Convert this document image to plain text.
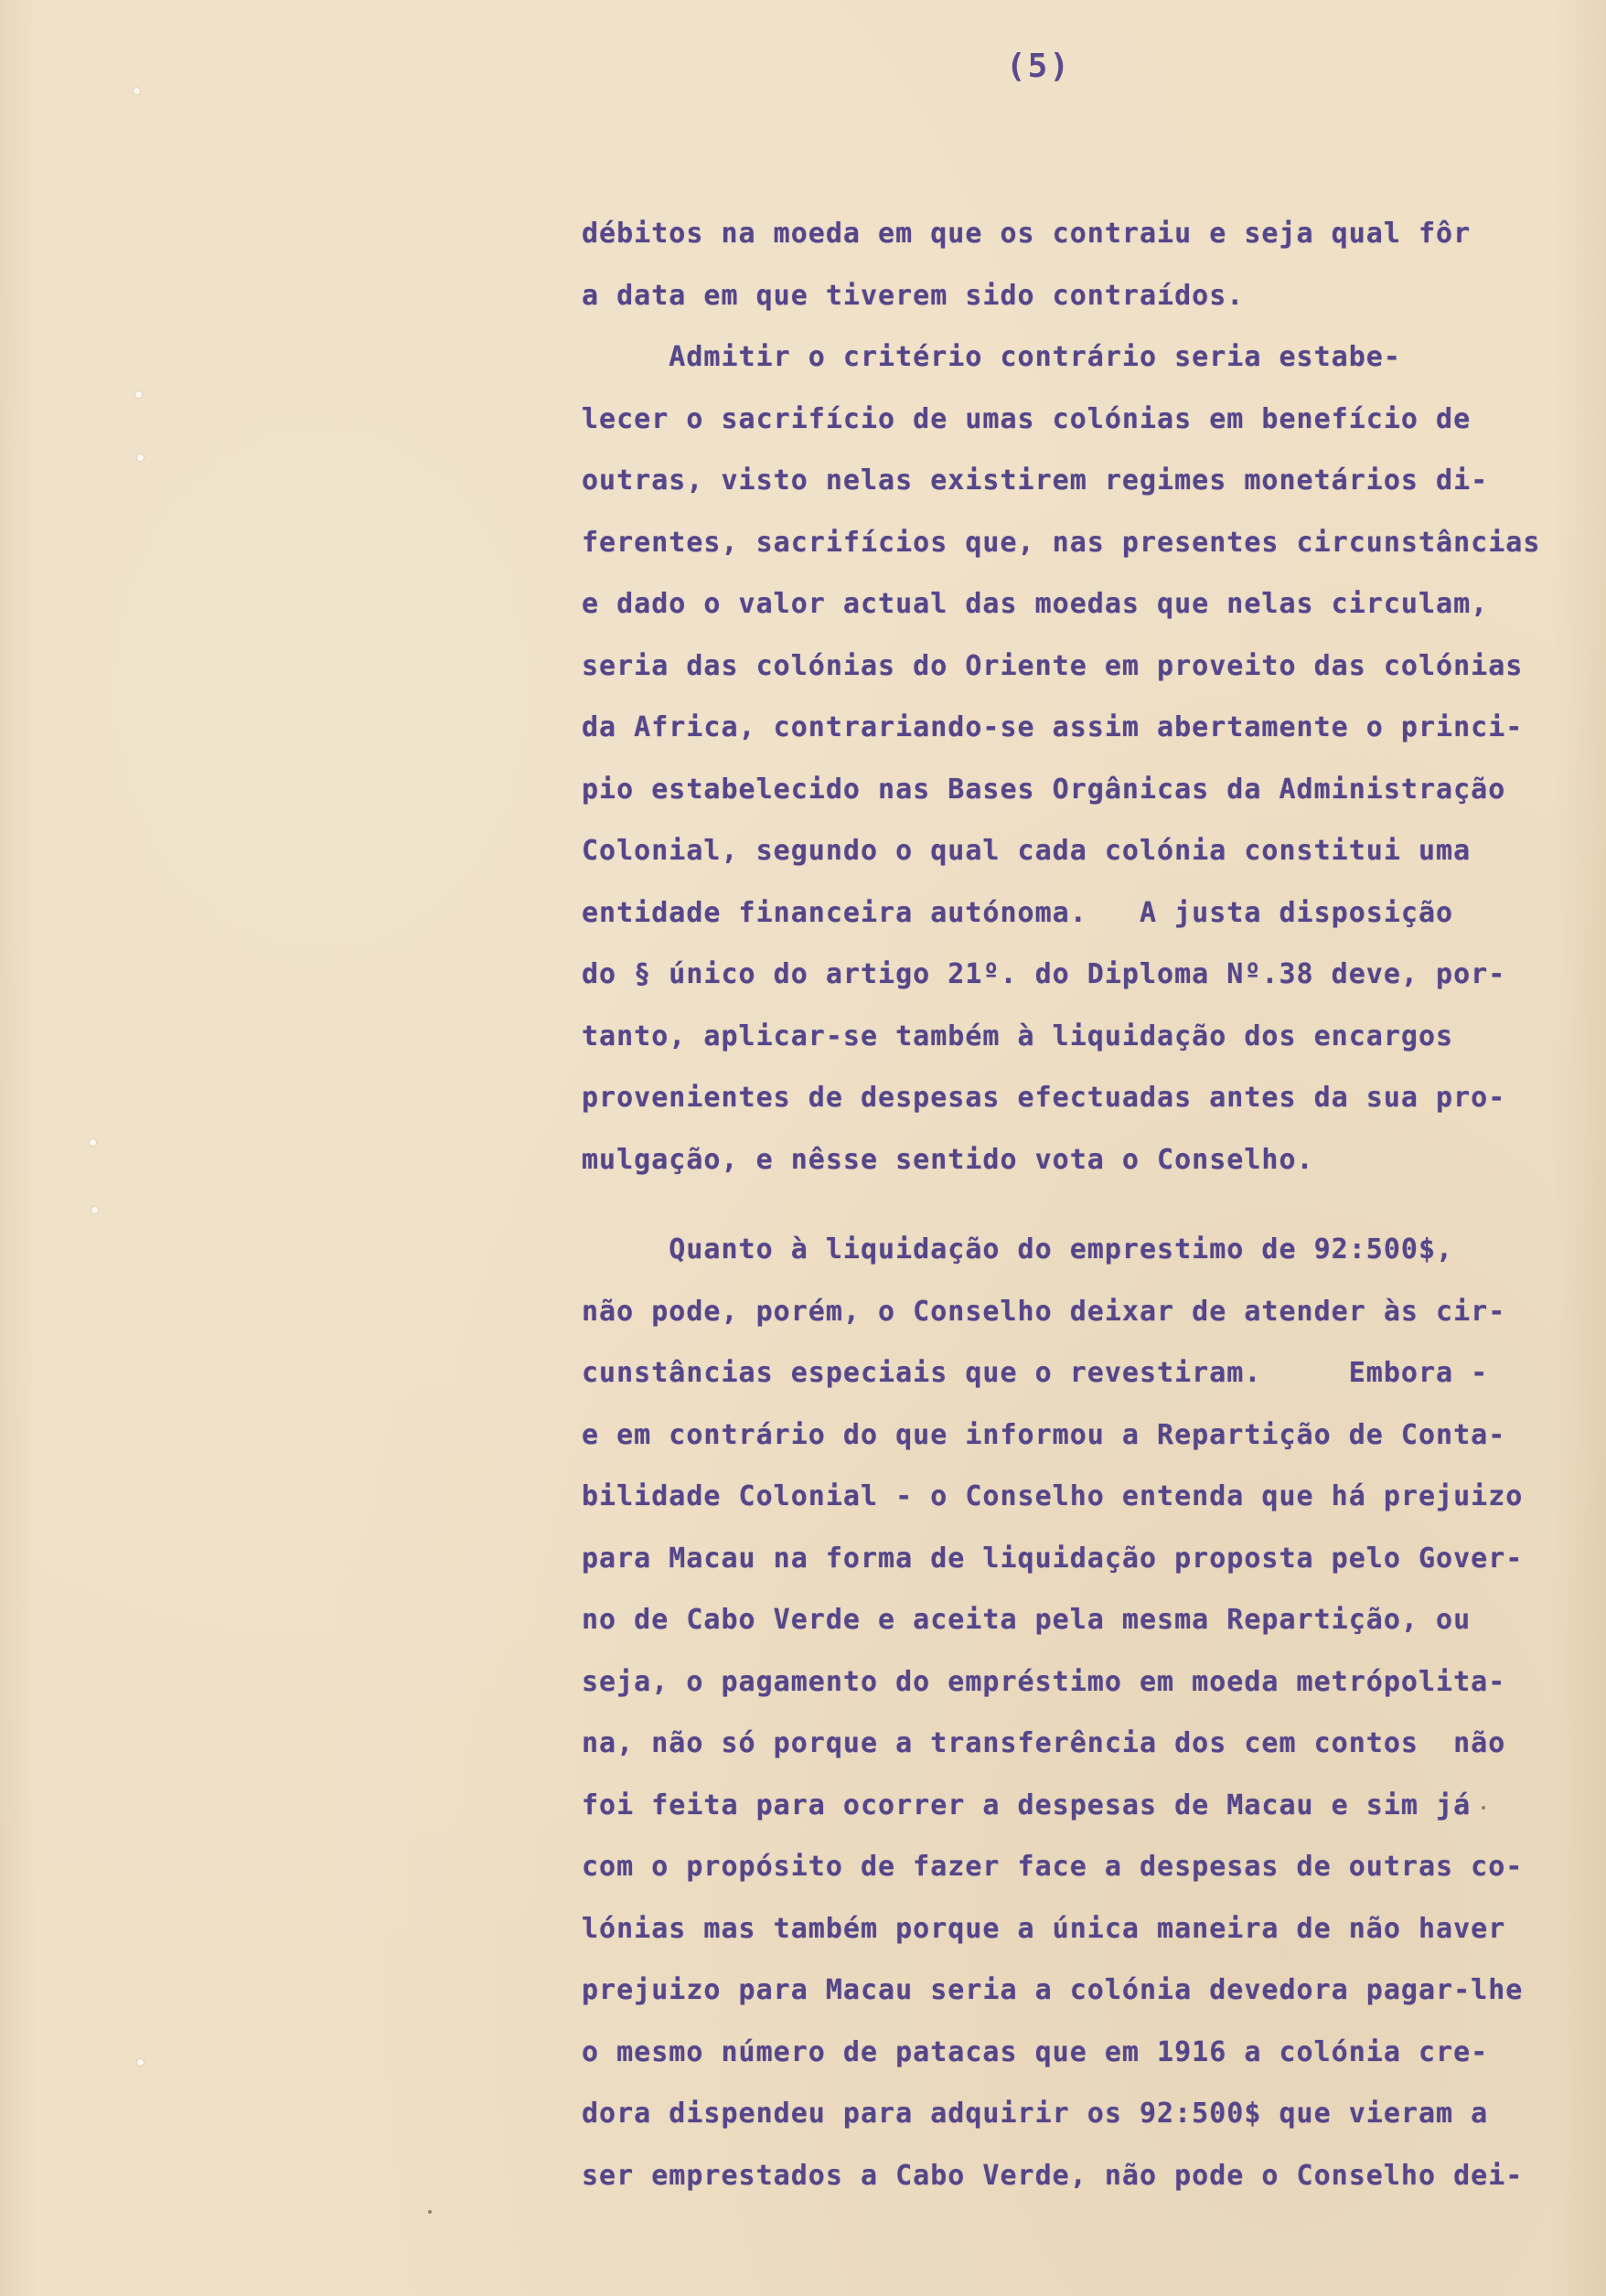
(5)
débitos na moeda em que os contraiu e seja qual fôr
a data em que tiverem sido contraídos.
Admitir o critério contrário seria estabe-
lecer o sacrifício de umas colónias em benefício de
outras, visto nelas existirem regimes monetários di-
ferentes, sacrifícios que, nas presentes circunstâncias
e dado o valor actual das moedas que nelas circulam,
seria das colónias do Oriente em proveito das colónias
da Africa, contrariando-se assim abertamente o princi-
pio estabelecido nas Bases Orgânicas da Administração
Colonial, segundo o qual cada colónia constitui uma
entidade financeira autónoma.   A justa disposição
do § único do artigo 21º. do Diploma Nº.38 deve, por-
tanto, aplicar-se também à liquidação dos encargos
provenientes de despesas efectuadas antes da sua pro-
mulgação, e nêsse sentido vota o Conselho.
Quanto à liquidação do emprestimo de 92:500$,
não pode, porém, o Conselho deixar de atender às cir-
cunstâncias especiais que o revestiram.     Embora -
e em contrário do que informou a Repartição de Conta-
bilidade Colonial - o Conselho entenda que há prejuizo
para Macau na forma de liquidação proposta pelo Gover-
no de Cabo Verde e aceita pela mesma Repartição, ou
seja, o pagamento do empréstimo em moeda metrópolita-
na, não só porque a transferência dos cem contos  não
foi feita para ocorrer a despesas de Macau e sim já
com o propósito de fazer face a despesas de outras co-
lónias mas também porque a única maneira de não haver
prejuizo para Macau seria a colónia devedora pagar-lhe
o mesmo número de patacas que em 1916 a colónia cre-
dora dispendeu para adquirir os 92:500$ que vieram a
ser emprestados a Cabo Verde, não pode o Conselho dei-
